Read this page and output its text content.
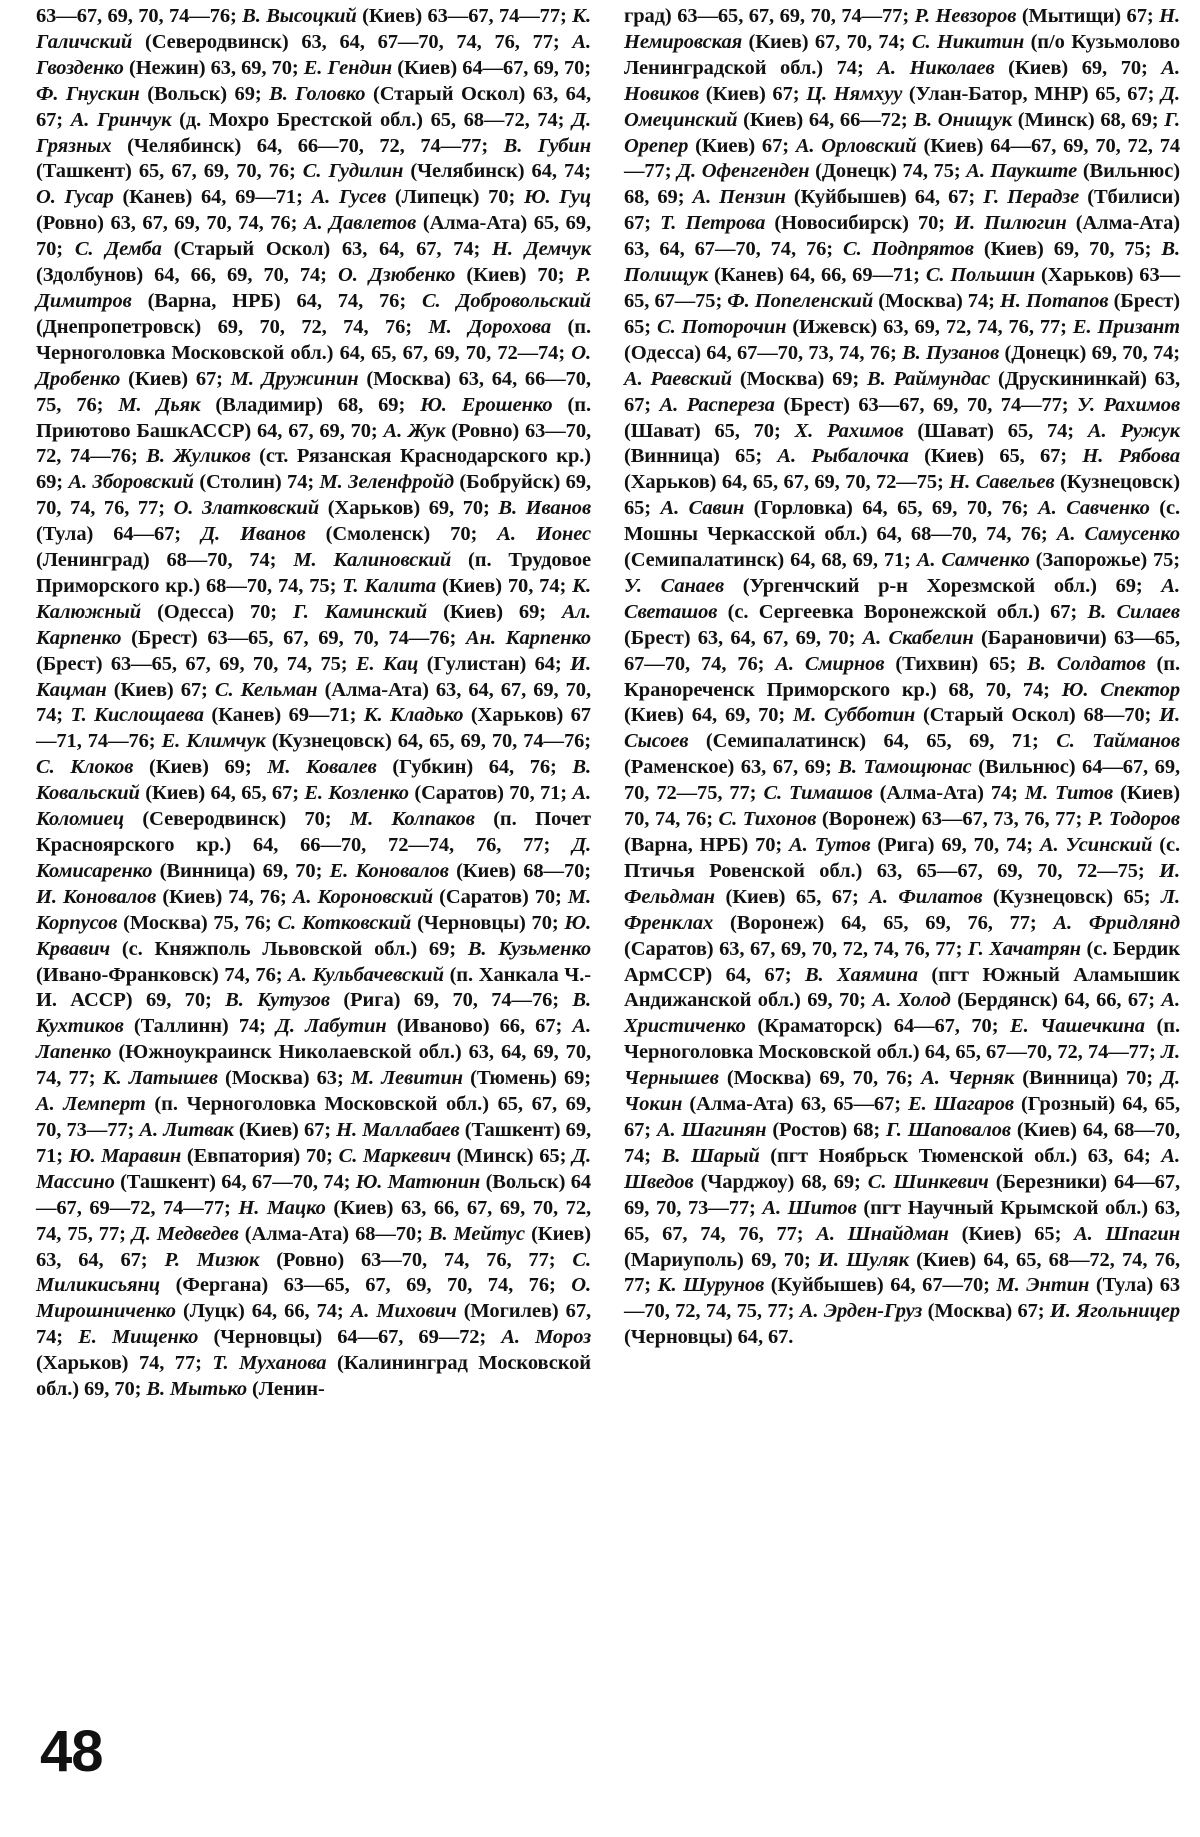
63—67, 69, 70, 74—76; В. Высоцкий (Киев) 63—67, 74—77; К. Галичский (Северодвинск) 63, 64, 67—70, 74, 76, 77; А. Гвозденко (Нежин) 63, 69, 70; Е. Гендин (Киев) 64—67, 69, 70; Ф. Гнускин (Вольск) 69; В. Головко (Старый Оскол) 63, 64, 67; А. Гринчук (д. Мохро Брестской обл.) 65, 68—72, 74; Д. Грязных (Челябинск) 64, 66—70, 72, 74—77; В. Губин (Ташкент) 65, 67, 69, 70, 76; С. Гудилин (Челябинск) 64, 74; О. Гусар (Канев) 64, 69—71; А. Гусев (Липецк) 70; Ю. Гуц (Ровно) 63, 67, 69, 70, 74, 76; А. Давлетов (Алма-Ата) 65, 69, 70; С. Демба (Старый Оскол) 63, 64, 67, 74; Н. Демчук (Здолбунов) 64, 66, 69, 70, 74; О. Дзюбенко (Киев) 70; Р. Димитров (Варна, НРБ) 64, 74, 76; С. Добровольский (Днепропетровск) 69, 70, 72, 74, 76; М. Дорохова (п. Черноголовка Московской обл.) 64, 65, 67, 69, 70, 72—74; О. Дробенко (Киев) 67; М. Дружинин (Москва) 63, 64, 66—70, 75, 76; М. Дьяк (Владимир) 68, 69; Ю. Ерошенко (п. Приютово БашкАССР) 64, 67, 69, 70; А. Жук (Ровно) 63—70, 72, 74—76; В. Жуликов (ст. Рязанская Краснодарского кр.) 69; А. Зборовский (Столин) 74; М. Зеленфройд (Бобруйск) 69, 70, 74, 76, 77; О. Златковский (Харьков) 69, 70; В. Иванов (Тула) 64—67; Д. Иванов (Смоленск) 70; А. Ионес (Ленинград) 68—70, 74; М. Калиновский (п. Трудовое Приморского кр.) 68—70, 74, 75; Т. Калита (Киев) 70, 74; К. Калюжный (Одесса) 70; Г. Каминский (Киев) 69; Ал. Карпенко (Брест) 63—65, 67, 69, 70, 74—76; Ан. Карпенко (Брест) 63—65, 67, 69, 70, 74, 75; Е. Кац (Гулистан) 64; И. Кацман (Киев) 67; С. Кельман (Алма-Ата) 63, 64, 67, 69, 70, 74; Т. Кислощаева (Канев) 69—71; К. Кладько (Харьков) 67—71, 74—76; Е. Климчук (Кузнецовск) 64, 65, 69, 70, 74—76; С. Клоков (Киев) 69; М. Ковалев (Губкин) 64, 76; В. Ковальский (Киев) 64, 65, 67; Е. Козленко (Саратов) 70, 71; А. Коломиец (Северодвинск) 70; М. Колпаков (п. Почет Красноярского кр.) 64, 66—70, 72—74, 76, 77; Д. Комисаренко (Винница) 69, 70; Е. Коновалов (Киев) 68—70; И. Коновалов (Киев) 74, 76; А. Короновский (Саратов) 70; М. Корпусов (Москва) 75, 76; С. Котковский (Черновцы) 70; Ю. Крвавич (с. Княжполь Львовской обл.) 69; В. Кузьменко (Ивано-Франковск) 74, 76; А. Кульбачевский (п. Ханкала Ч.-И. АССР) 69, 70; В. Кутузов (Рига) 69, 70, 74—76; В. Кухтиков (Таллинн) 74; Д. Лабутин (Иваново) 66, 67; А. Лапенко (Южноукраинск Николаевской обл.) 63, 64, 69, 70, 74, 77; К. Латышев (Москва) 63; М. Левитин (Тюмень) 69; А. Лемперт (п. Черноголовка Московской обл.) 65, 67, 69, 70, 73—77; А. Литвак (Киев) 67; Н. Маллабаев (Ташкент) 69, 71; Ю. Маравин (Евпатория) 70; С. Маркевич (Минск) 65; Д. Массино (Ташкент) 64, 67—70, 74; Ю. Матюнин (Вольск) 64—67, 69—72, 74—77; Н. Мацко (Киев) 63, 66, 67, 69, 70, 72, 74, 75, 77; Д. Медведев (Алма-Ата) 68—70; В. Мейтус (Киев) 63, 64, 67; Р. Мизюк (Ровно) 63—70, 74, 76, 77; С. Миликисьянц (Фергана) 63—65, 67, 69, 70, 74, 76; О. Мирошниченко (Луцк) 64, 66, 74; А. Михович (Могилев) 67, 74; Е. Мищенко (Черновцы) 64—67, 69—72; А. Мороз (Харьков) 74, 77; Т. Муханова (Калининград Московской обл.) 69, 70; В. Мытько (Ленин-

град) 63—65, 67, 69, 70, 74—77; Р. Невзоров (Мытищи) 67; Н. Немировская (Киев) 67, 70, 74; С. Никитин (п/о Кузьмолово Ленинградской обл.) 74; А. Николаев (Киев) 69, 70; А. Новиков (Киев) 67; Ц. Нямхуу (Улан-Батор, МНР) 65, 67; Д. Омецинский (Киев) 64, 66—72; В. Онищук (Минск) 68, 69; Г. Орепер (Киев) 67; А. Орловский (Киев) 64—67, 69, 70, 72, 74—77; Д. Офенгенден (Донецк) 74, 75; А. Паукште (Вильнюс) 68, 69; А. Пензин (Куйбышев) 64, 67; Г. Перадзе (Тбилиси) 67; Т. Петрова (Новосибирск) 70; И. Пилюгин (Алма-Ата) 63, 64, 67—70, 74, 76; С. Подпрятов (Киев) 69, 70, 75; В. Полищук (Канев) 64, 66, 69—71; С. Польшин (Харьков) 63—65, 67—75; Ф. Попеленский (Москва) 74; Н. Потапов (Брест) 65; С. Поторочин (Ижевск) 63, 69, 72, 74, 76, 77; Е. Призант (Одесса) 64, 67—70, 73, 74, 76; В. Пузанов (Донецк) 69, 70, 74; А. Раевский (Москва) 69; В. Раймундас (Друскининкай) 63, 67; А. Распереза (Брест) 63—67, 69, 70, 74—77; У. Рахимов (Шават) 65, 70; Х. Рахимов (Шават) 65, 74; А. Ружук (Винница) 65; А. Рыбалочка (Киев) 65, 67; Н. Рябова (Харьков) 64, 65, 67, 69, 70, 72—75; Н. Савельев (Кузнецовск) 65; А. Савин (Горловка) 64, 65, 69, 70, 76; А. Савченко (с. Мошны Черкасской обл.) 64, 68—70, 74, 76; А. Самусенко (Семипалатинск) 64, 68, 69, 71; А. Самченко (Запорожье) 75; У. Санаев (Ургенчский р-н Хорезмской обл.) 69; А. Светашов (с. Сергеевка Воронежской обл.) 67; В. Силаев (Брест) 63, 64, 67, 69, 70; А. Скабелин (Барановичи) 63—65, 67—70, 74, 76; А. Смирнов (Тихвин) 65; В. Солдатов (п. Кранореченск Приморского кр.) 68, 70, 74; Ю. Спектор (Киев) 64, 69, 70; М. Субботин (Старый Оскол) 68—70; И. Сысоев (Семипалатинск) 64, 65, 69, 71; С. Тайманов (Раменское) 63, 67, 69; В. Тамощюнас (Вильнюс) 64—67, 69, 70, 72—75, 77; С. Тимашов (Алма-Ата) 74; М. Титов (Киев) 70, 74, 76; С. Тихонов (Воронеж) 63—67, 73, 76, 77; Р. Тодоров (Варна, НРБ) 70; А. Тутов (Рига) 69, 70, 74; А. Усинский (с. Птичья Ровенской обл.) 63, 65—67, 69, 70, 72—75; И. Фельдман (Киев) 65, 67; А. Филатов (Кузнецовск) 65; Л. Френклах (Воронеж) 64, 65, 69, 76, 77; А. Фридлянд (Саратов) 63, 67, 69, 70, 72, 74, 76, 77; Г. Хачатрян (с. Бердик АрмССР) 64, 67; В. Хаямина (пгт Южный Аламышик Андижанской обл.) 69, 70; А. Холод (Бердянск) 64, 66, 67; А. Христиченко (Краматорск) 64—67, 70; Е. Чашечкина (п. Черноголовка Московской обл.) 64, 65, 67—70, 72, 74—77; Л. Чернышев (Москва) 69, 70, 76; А. Черняк (Винница) 70; Д. Чокин (Алма-Ата) 63, 65—67; Е. Шагаров (Грозный) 64, 65, 67; А. Шагинян (Ростов) 68; Г. Шаповалов (Киев) 64, 68—70, 74; В. Шарый (пгт Ноябрьск Тюменской обл.) 63, 64; А. Шведов (Чарджоу) 68, 69; С. Шинкевич (Березники) 64—67, 69, 70, 73—77; А. Шитов (пгт Научный Крымской обл.) 63, 65, 67, 74, 76, 77; А. Шнайдман (Киев) 65; А. Шпагин (Мариуполь) 69, 70; И. Шуляк (Киев) 64, 65, 68—72, 74, 76, 77; К. Шурунов (Куйбышев) 64, 67—70; М. Энтин (Тула) 63—70, 72, 74, 75, 77; А. Эрден-Груз (Москва) 67; И. Ягольницер (Черновцы) 64, 67.

48
